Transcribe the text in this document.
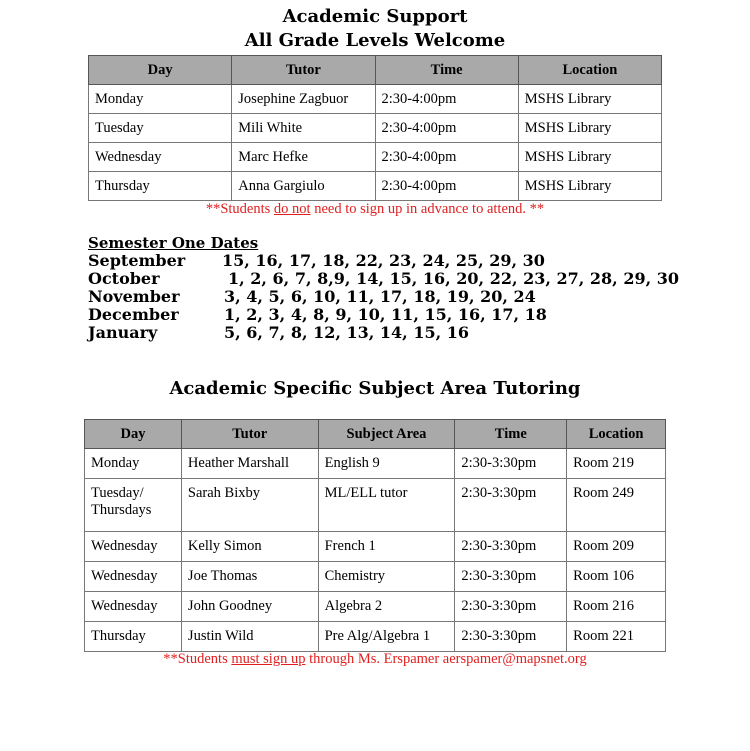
Academic Support
All Grade Levels Welcome
Day	Tutor	Time	Location
Monday	Josephine Zagbuor	2:30-4:00pm	MSHS Library
Tuesday	Mili White	2:30-4:00pm	MSHS Library
Wednesday	Marc Hefke	2:30-4:00pm	MSHS Library
Thursday	Anna Gargiulo	2:30-4:00pm	MSHS Library
**Students do not need to sign up in advance to attend. **
Semester One Dates
September 15, 16, 17, 18, 22, 23, 24, 25, 29, 30
October	1, 2, 6, 7, 8,9, 14, 15, 16, 20, 22, 23, 27, 28, 29, 30
November	3, 4, 5, 6, 10, 11, 17, 18, 19, 20, 24
December	1, 2, 3, 4, 8, 9, 10, 11, 15, 16, 17, 18
January	5, 6, 7, 8, 12, 13, 14, 15, 16
Academic Specific Subject Area Tutoring
Day	Tutor	Subject Area	Time	Location
Monday	Heather Marshall	English 9	2:30-3:30pm	Room 219
Tuesday/ Thursdays	Sarah Bixby	ML/ELL tutor	2:30-3:30pm	Room 249
Wednesday	Kelly Simon	French 1	2:30-3:30pm	Room 209
Wednesday	Joe Thomas	Chemistry	2:30-3:30pm	Room 106
Wednesday	John Goodney	Algebra 2	2:30-3:30pm	Room 216
Thursday	Justin Wild	Pre Alg/Algebra 1	2:30-3:30pm	Room 221
**Students must sign up through Ms. Erspamer aerspamer@mapsnet.org
